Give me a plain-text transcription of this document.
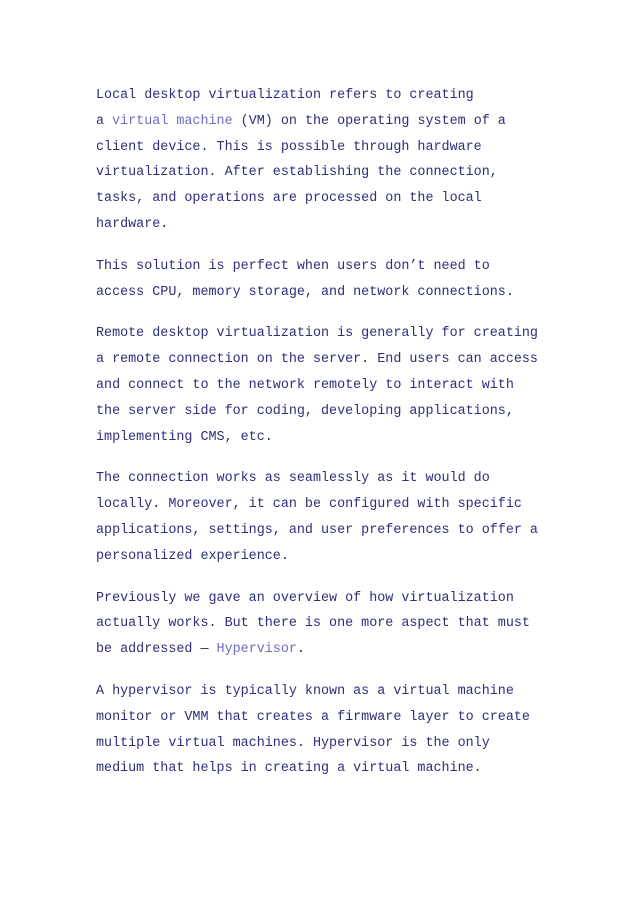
Local desktop virtualization refers to creating
a virtual machine (VM) on the operating system of a
client device. This is possible through hardware
virtualization. After establishing the connection,
tasks, and operations are processed on the local
hardware.

This solution is perfect when users don’t need to
access CPU, memory storage, and network connections.

Remote desktop virtualization is generally for creating
a remote connection on the server. End users can access
and connect to the network remotely to interact with
the server side for coding, developing applications,
implementing CMS, etc.

The connection works as seamlessly as it would do
locally. Moreover, it can be configured with specific
applications, settings, and user preferences to offer a
personalized experience.

Previously we gave an overview of how virtualization
actually works. But there is one more aspect that must
be addressed — Hypervisor.

A hypervisor is typically known as a virtual machine
monitor or VMM that creates a firmware layer to create
multiple virtual machines. Hypervisor is the only
medium that helps in creating a virtual machine.
